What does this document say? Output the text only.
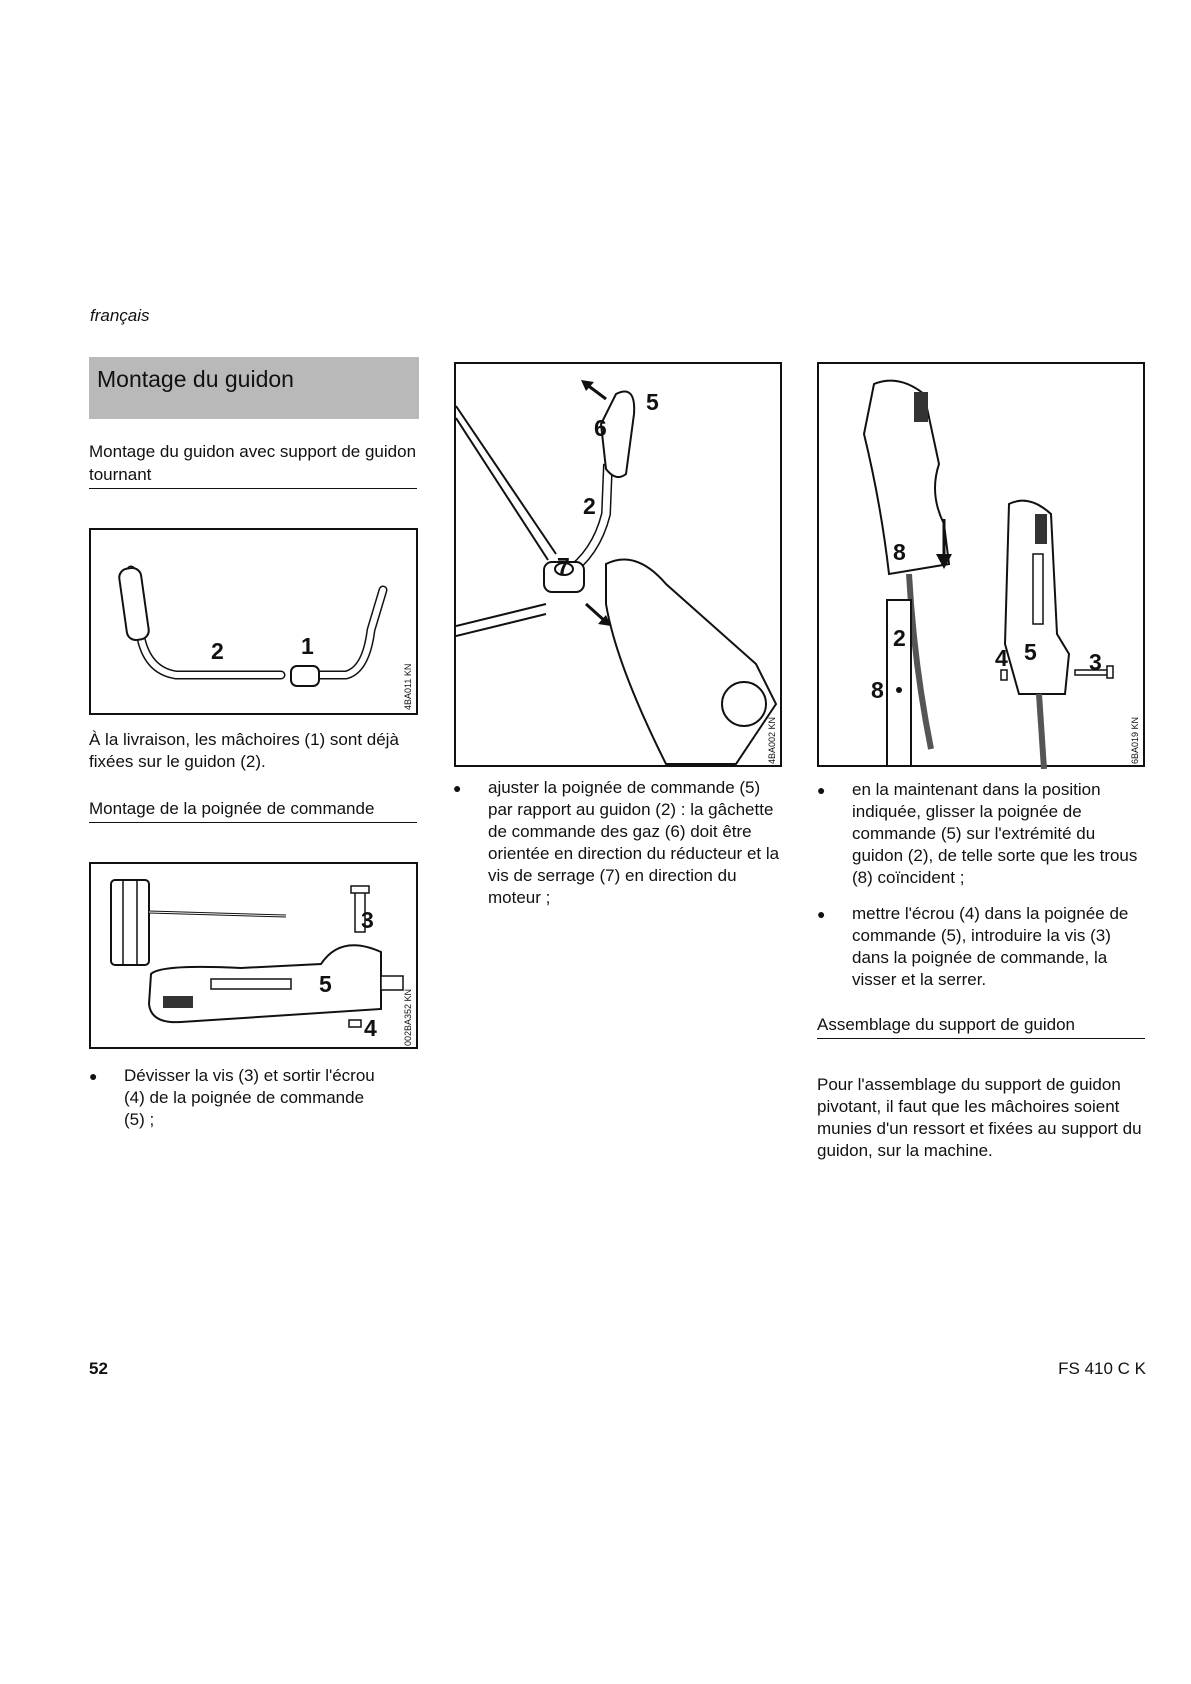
français
Montage du guidon
Montage du guidon avec support de guidon tournant
2	1
4BA011 KN
À la livraison, les mâchoires (1) sont déjà fixées sur le guidon (2).
Montage de la poignée de commande
3
5
4	002BA352 KN
● Dévisser la vis (3) et sortir l'écrou (4) de la poignée de commande (5) ;
5
6
2
7
4BA002 KN
● ajuster la poignée de commande (5) par rapport au guidon (2) : la gâchette de commande des gaz (6) doit être orientée en direction du réducteur et la vis de serrage (7) en direction du moteur ;
8
2
8
4 5 3
6BA019 KN
● en la maintenant dans la position indiquée, glisser la poignée de commande (5) sur l'extrémité du guidon (2), de telle sorte que les trous (8) coïncident ;
● mettre l'écrou (4) dans la poignée de commande (5), introduire la vis (3) dans la poignée de commande, la visser et la serrer.
Assemblage du support de guidon
Pour l'assemblage du support de guidon pivotant, il faut que les mâchoires soient munies d'un ressort et fixées au support du guidon, sur la machine.
52	FS 410 C K
